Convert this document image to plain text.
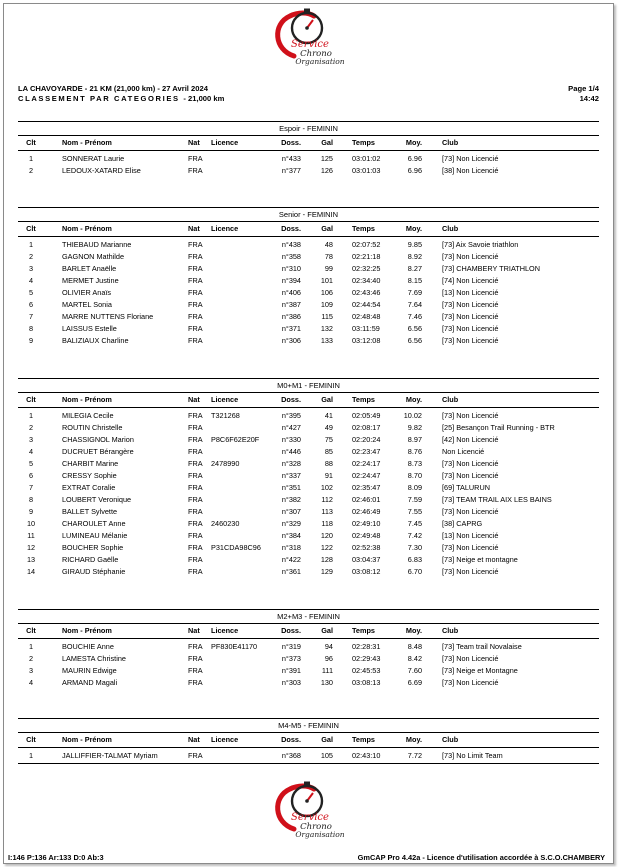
Service
Chrono
Organisation
LA CHAVOYARDE - 21 KM (21,000 km) - 27 Avril 2024
CLASSEMENT PAR CATEGORIES - 21,000 km
Page 1/4
14:42
Espoir - FEMININ
Clt	Nom - Prénom	Nat Licence	Doss.	Gal	Temps	Moy.	Club
1	SONNERAT Laurie	FRA	n°433	125	03:01:02	6.96	[73] Non Licencié
2	LEDOUX-XATARD Elise	FRA	n°377	126	03:01:03	6.96	[38] Non Licencié
Senior - FEMININ
Clt	Nom - Prénom	Nat Licence	Doss.	Gal	Temps	Moy.	Club
1	THIEBAUD Marianne	FRA	n°438	48	02:07:52	9.85	[73] Aix Savoie triathlon
2	GAGNON Mathilde	FRA	n°358	78	02:21:18	8.92	[73] Non Licencié
3	BARLET Anaëlle	FRA	n°310	99	02:32:25	8.27	[73] CHAMBERY TRIATHLON
4	MERMET Justine	FRA	n°394	101	02:34:40	8.15	[74] Non Licencié
5	OLIVIER Anaïs	FRA	n°406	106	02:43:46	7.69	[13] Non Licencié
6	MARTEL Sonia	FRA	n°387	109	02:44:54	7.64	[73] Non Licencié
7	MARRE NUTTENS Floriane	FRA	n°386	115	02:48:48	7.46	[73] Non Licencié
8	LAISSUS Estelle	FRA	n°371	132	03:11:59	6.56	[73] Non Licencié
9	BALIZIAUX Charline	FRA	n°306	133	03:12:08	6.56	[73] Non Licencié
M0+M1 - FEMININ
Clt	Nom - Prénom	Nat Licence	Doss.	Gal	Temps	Moy.	Club
1	MILEGIA Cecile	FRA T321268	n°395	41	02:05:49	10.02	[73] Non Licencié
2	ROUTIN Christelle	FRA	n°427	49	02:08:17	9.82	[25] Besançon Trail Running - BTR
3	CHASSIGNOL Marion	FRA P8C6F62E20F	n°330	75	02:20:24	8.97	[42] Non Licencié
4	DUCRUET Bérangère	FRA	n°446	85	02:23:47	8.76	Non Licencié
5	CHARBIT Marine	FRA 2478990	n°328	88	02:24:17	8.73	[73] Non Licencié
6	CRESSY Sophie	FRA	n°337	91	02:24:47	8.70	[73] Non Licencié
7	EXTRAT Coralie	FRA	n°351	102	02:35:47	8.09	[69] TALURUN
8	LOUBERT Veronique	FRA	n°382	112	02:46:01	7.59	[73] TEAM TRAIL AIX LES BAINS
9	BALLET Sylvette	FRA	n°307	113	02:46:49	7.55	[73] Non Licencié
10	CHAROULET Anne	FRA 2460230	n°329	118	02:49:10	7.45	[38] CAPRG
11	LUMINEAU Mélanie	FRA	n°384	120	02:49:48	7.42	[13] Non Licencié
12	BOUCHER Sophie	FRA P31CDA98C96	n°318	122	02:52:38	7.30	[73] Non Licencié
13	RICHARD Gaëlle	FRA	n°422	128	03:04:37	6.83	[73] Neige et montagne
14	GIRAUD Stéphanie	FRA	n°361	129	03:08:12	6.70	[73] Non Licencié
M2+M3 - FEMININ
Clt	Nom - Prénom	Nat Licence	Doss.	Gal	Temps	Moy.	Club
1	BOUCHIE Anne	FRA PF830E41170	n°319	94	02:28:31	8.48	[73] Team trail Novalaise
2	LAMESTA Christine	FRA	n°373	96	02:29:43	8.42	[73] Non Licencié
3	MAURIN Edwige	FRA	n°391	111	02:45:53	7.60	[73] Neige et Montagne
4	ARMAND Magali	FRA	n°303	130	03:08:13	6.69	[73] Non Licencié
M4-M5 - FEMININ
Clt	Nom - Prénom	Nat Licence	Doss.	Gal	Temps	Moy.	Club
1	JALLIFFIER-TALMAT Myriam	FRA	n°368	105	02:43:10	7.72	[73] No Limit Team
Service
Chrono
Organisation
I:146 P:136 Ar:133 D:0 Ab:3	GmCAP Pro 4.42a - Licence d'utilisation accordée à S.C.O.CHAMBERY
